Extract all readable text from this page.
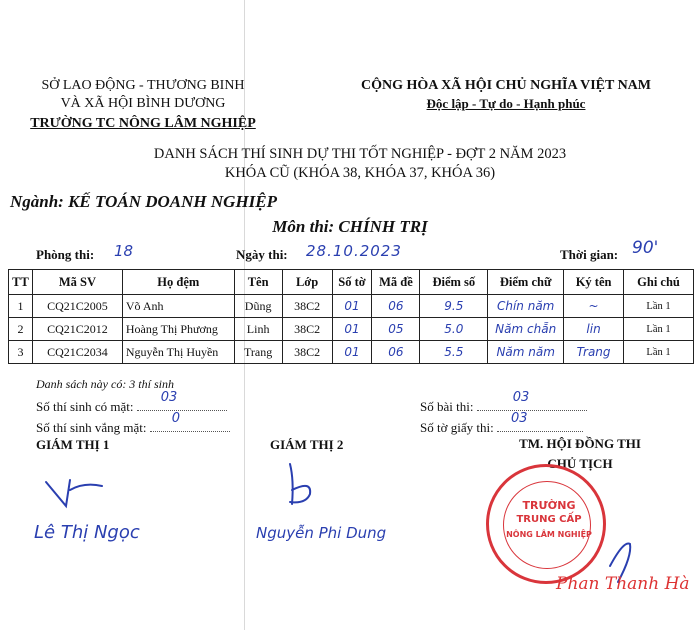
SỞ LAO ĐỘNG - THƯƠNG BINH
VÀ XÃ HỘI BÌNH DƯƠNG
TRƯỜNG TC NÔNG LÂM NGHIỆP
CỘNG HÒA XÃ HỘI CHỦ NGHĨA VIỆT NAM
Độc lập - Tự do - Hạnh phúc
DANH SÁCH THÍ SINH DỰ THI TỐT NGHIỆP - ĐỢT 2 NĂM 2023
KHÓA CŨ (KHÓA 38, KHÓA 37, KHÓA 36)
Ngành: KẾ TOÁN DOANH NGHIỆP
Môn thi: CHÍNH TRỊ
Phòng thi: 18	Ngày thi: 28.10.2023	Thời gian: 90'
TT	Mã SV	Họ đệm	Tên	Lớp	Số tờ	Mã đề	Điểm số	Điểm chữ	Ký tên	Ghi chú
1	CQ21C2005	Võ Anh	Dũng	38C2	01	06	9.5	Chín năm	~	Lần 1
2	CQ21C2012	Hoàng Thị Phương	Linh	38C2	01	05	5.0	Năm chẵn	lin	Lần 1
3	CQ21C2034	Nguyễn Thị Huyền	Trang	38C2	01	06	5.5	Năm năm	Trang	Lần 1
Danh sách này có: 3 thí sinh
Số thí sinh có mặt:
03
Số thí sinh vắng mặt:
0
Số bài thi:
03
Số tờ giấy thi:
03
GIÁM THỊ 1	GIÁM THỊ 2	TM. HỘI ĐỒNG THI
CHỦ TỊCH
Lê Thị Ngọc	Nguyễn Phi Dung
TRƯỜNG
TRUNG CẤP
NÔNG LÂM NGHIỆP
Phan Thanh Hà
